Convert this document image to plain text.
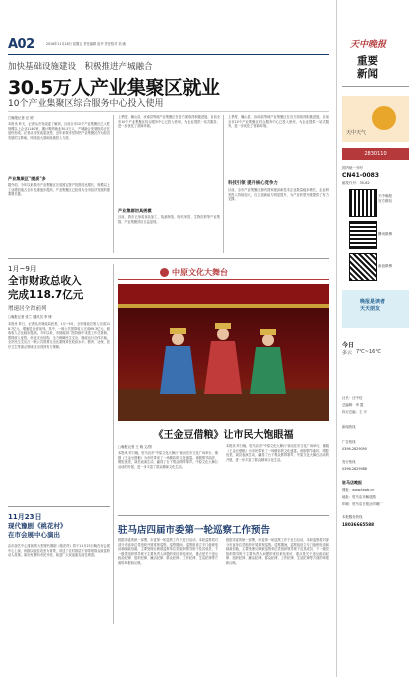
A02	2016年11月18日 星期五 责任编辑 赵华 责任校对 刘 涵
加快基础设施建设　积极推进产城融合
30.5万人产业集聚区就业
10个产业集聚区综合服务中心投入使用
□晚报记者 汪 婷
本报讯 昨天，记者从市发改委了解到，目前全市10个产业集聚区已入驻规模以上企业1140家，累计吸纳就业30.5万人，产城融合发展格局正在加快形成。记者从市发改委获悉，近年来我市坚持把产业集聚区作为经济发展的主阵地，持续加大基础设施投入力度。
产业集聚区"提质"多
据介绍，今年以来我市产业集聚区完成固定资产投资同比增长，规模以上工业增加值占全市比重逐步提高，产业集聚区已经成为全市经济发展的重要增长极。
上季度，确山县、汝南县等地产业集聚区在各方面取得积极进展。目前全市10个产业集聚区综合服务中心已投入使用，为企业提供一站式服务，进一步优化了营商环境。
产业集群初具规模
目前，我市已形成食品加工、装备制造、现代家居、生物医药等产业集群，产业集聚效应日益显现。
上季度，确山县、汝南县等地产业集聚区在各方面取得积极进展。目前全市10个产业集聚区综合服务中心已投入使用，为企业提供一站式服务，进一步优化了营商环境。
科技引领 提升核心竞争力
目前，全市产业集聚区拥有国家级高新技术企业数量稳步增长，企业研发投入持续加大，自主创新能力明显提升，为产业转型升级提供了有力支撑。
1月~9月
全市财政总收入
完成118.7亿元
增速居全省前列
□晚报记者 张兰 通讯员 李 博
本报讯 昨日，记者从市财政局获悉，1月~9月，全市财政总收入完成118.7亿元，增速居全省前列。其中，一般公共预算收入完成69.3亿元，税收收入占比稳步提高。今年以来，市财政部门坚持稳中求进工作总基调，狠抓收入征管，优化支出结构，全力保障民生支出，财政运行总体平稳。全市民生支出占一般公共预算支出比重保持在较高水平，教育、社保、医疗卫生等重点领域支出得到有力保障。
11月23日
现代豫剧《桃花村》
在市会展中心演出
由市演艺中心排演的大型现代豫剧《桃花村》将于11月23日晚在市会展中心上演，该剧以脱贫攻坚为背景，讲述了农村基层干部带领群众致富的动人故事。演出免费向市民开放，欢迎广大戏迷朋友前往观看。
中原文化大舞台
《王金豆借粮》让市民大饱眼福
□晚报记者 王 晓 文/图
本报讯 昨日晚，驻马店市"中原文化大舞台"演出在市文化广场举行，豫剧《王金豆借粮》为市民带来了一场精彩的文化盛宴。该剧情节曲折，唱腔优美，演员表演生动，赢得了台下观众阵阵掌声。中原文化大舞台活动的开展，进一步丰富了群众精神文化生活。
本报讯 昨日晚，驻马店市"中原文化大舞台"演出在市文化广场举行，豫剧《王金豆借粮》为市民带来了一场精彩的文化盛宴。该剧情节曲折，唱腔优美，演员表演生动，赢得了台下观众阵阵掌声。中原文化大舞台活动的开展，进一步丰富了群众精神文化生活。
驻马店四届市委第一轮巡察工作预告
根据市委的统一部署，市委第一轮巡察工作于近日启动，本轮巡察将对部分市直单位党组织开展常规巡察。巡察期间，巡察组设立专门值班电话和邮政信箱，主要受理反映被巡察单位党组织领导班子及其成员、下一级党组织领导班子主要负责人问题的来信来电来访，重点是关于违反政治纪律、组织纪律、廉洁纪律、群众纪律、工作纪律、生活纪律等方面的举报和反映。
根据市委的统一部署，市委第一轮巡察工作于近日启动，本轮巡察将对部分市直单位党组织开展常规巡察。巡察期间，巡察组设立专门值班电话和邮政信箱，主要受理反映被巡察单位党组织领导班子及其成员、下一级党组织领导班子主要负责人问题的来信来电来访，重点是关于违反政治纪律、组织纪律、廉洁纪律、群众纪律、工作纪律、生活纪律等方面的举报和反映。
天中晚报
重要
新闻
天中天气
2830110
国内统一刊号
CN41-0083
邮发代号：35-62
天中晚报
官方微信
腾讯微博
新浪微博
晚报是读者
天天朋友
今日
多云 7℃~16℃
社长：汪中信
总编辑：李 霞
执行总编：王 平
新闻热线
广告热线
0396-2829090
发行热线
0396-2829988
驻马店晚报
网址：www.tzwb.cn
地址：驻马店市解放路
印刷：驻马店日报社印刷厂
本报服务热线
18036665588
